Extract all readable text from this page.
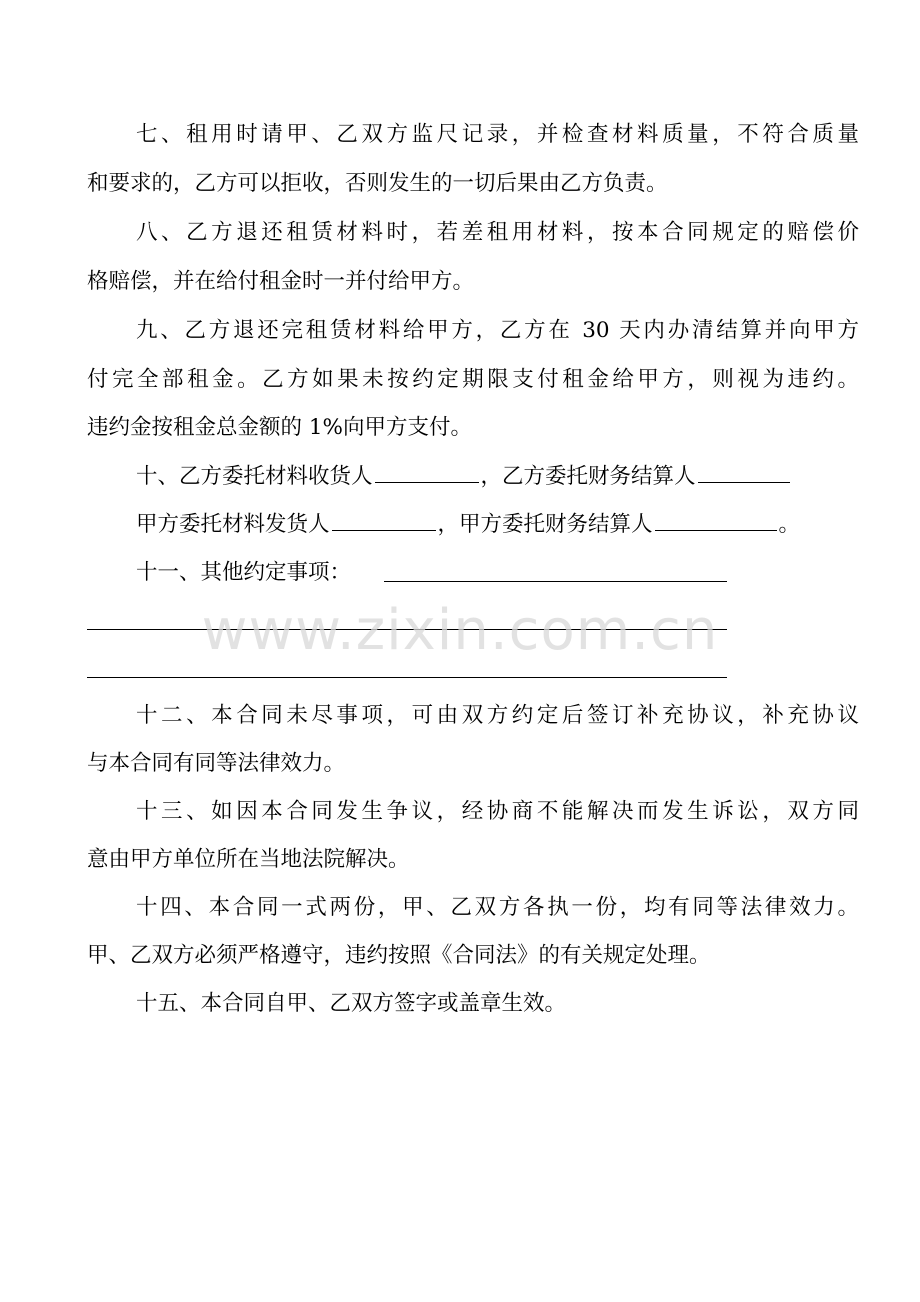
七、租用时请甲、乙双方监尺记录，并检查材料质量，不符合质量
和要求的，乙方可以拒收，否则发生的一切后果由乙方负责。
八、乙方退还租赁材料时，若差租用材料，按本合同规定的赔偿价
格赔偿，并在给付租金时一并付给甲方。
九、乙方退还完租赁材料给甲方，乙方在 30 天内办清结算并向甲方
付完全部租金。乙方如果未按约定期限支付租金给甲方，则视为违约。
违约金按租金总金额的 1%向甲方支付。
十、乙方委托材料收货人	，乙方委托财务结算人
甲方委托材料发货人	，甲方委托财务结算人	。
十一、其他约定事项：
www.zixin.com.cn
十二、本合同未尽事项，可由双方约定后签订补充协议，补充协议
与本合同有同等法律效力。
十三、如因本合同发生争议，经协商不能解决而发生诉讼，双方同
意由甲方单位所在当地法院解决。
十四、本合同一式两份，甲、乙双方各执一份，均有同等法律效力。
甲、乙双方必须严格遵守，违约按照《合同法》的有关规定处理。
十五、本合同自甲、乙双方签字或盖章生效。
